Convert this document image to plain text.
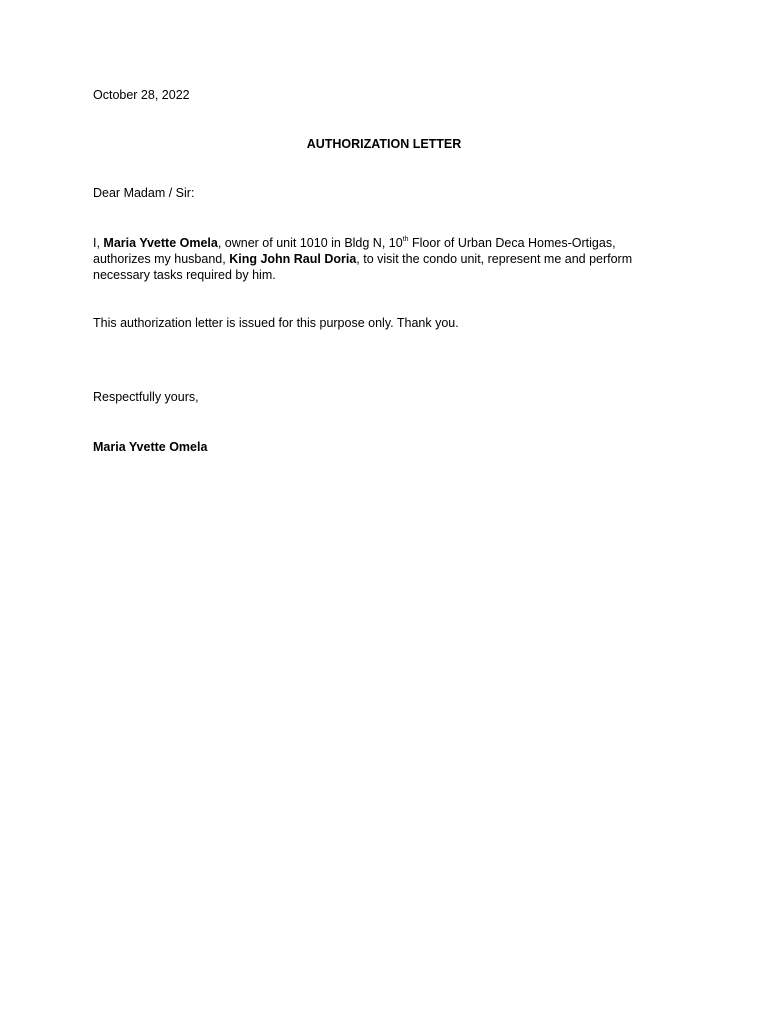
October 28, 2022
AUTHORIZATION LETTER
Dear Madam / Sir:
I, Maria Yvette Omela, owner of unit 1010 in Bldg N, 10th Floor of Urban Deca Homes-Ortigas,
authorizes my husband, King John Raul Doria, to visit the condo unit, represent me and perform
necessary tasks required by him.
This authorization letter is issued for this purpose only. Thank you.
Respectfully yours,
Maria Yvette Omela
